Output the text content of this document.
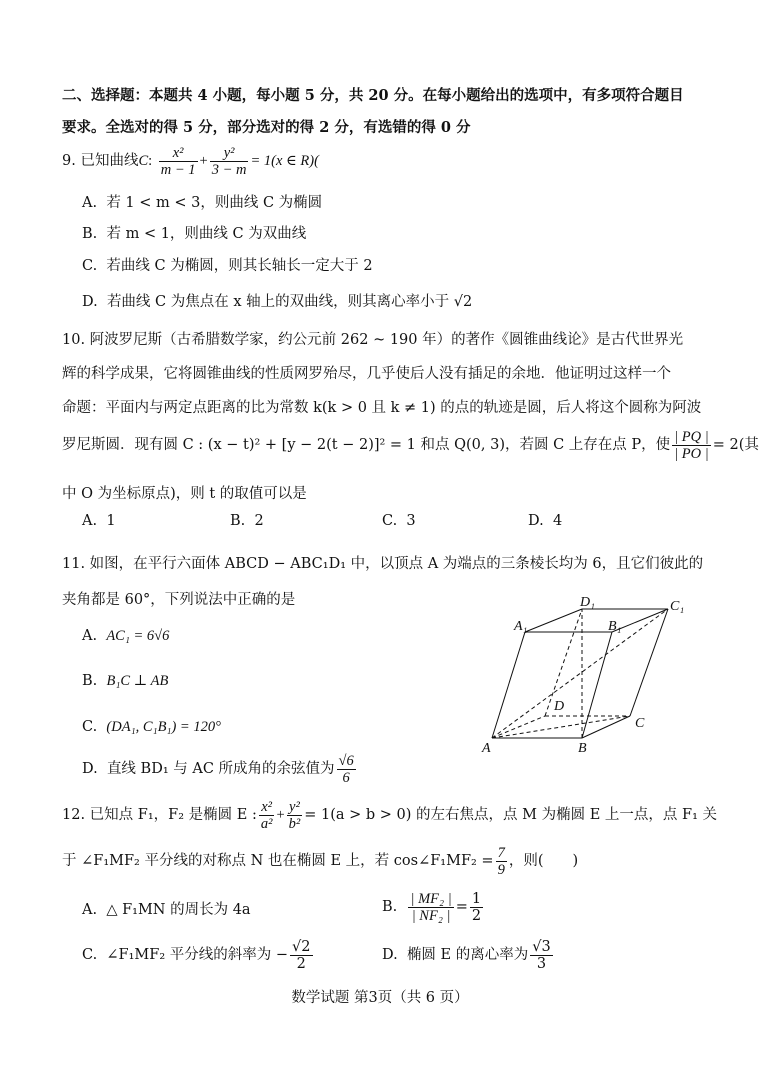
二、选择题：本题共 4 小题，每小题 5 分，共 20 分。在每小题给出的选项中，有多项符合题目
要求。全选对的得 5 分，部分选对的得 2 分，有选错的得 0 分
9. 已知曲线C: $\frac{\text{x²}}{m - 1} + \frac{\text{y²}}{3 - m} = 1(x$ ∈ R)(
A. 若 1 < m < 3，则曲线 C 为椭圆
B. 若 m < 1，则曲线 C 为双曲线
C. 若曲线 C 为椭圆，则其长轴长一定大于 2
D. 若曲线 C 为焦点在 x 轴上的双曲线，则其离心率小于 √2
10. 阿波罗尼斯（古希腊数学家，约公元前 262 ~ 190 年）的著作《圆锥曲线论》是古代世界光
辉的科学成果，它将圆锥曲线的性质网罗殆尽，几乎使后人没有插足的余地．他证明过这样一个
命题：平面内与两定点距离的比为常数 k(k > 0 且 k ≠ 1) 的点的轨迹是圆，后人将这个圆称为阿波
罗尼斯圆．现有圆 C : (x − t)² + [y − 2(t − 2)]² = 1 和点 Q(0, 3)，若圆 C 上存在点 P，使 $\frac{| PQ |}{| PO |} = 2$(其
中 O 为坐标原点)，则 t 的取值可以是
A. 1	B. 2	C. 3	D. 4
11. 如图，在平行六面体 ABCD − ABC₁D₁ 中，以顶点 A 为端点的三条棱长均为 6，且它们彼此的
夹角都是 60°，下列说法中正确的是
A. AC₁ = 6√6
B. B₁C ⊥ AB
C. (DA₁, C₁B₁) = 120°
D. 直线 BD₁ 与 AC 所成角的余弦值为 $\frac{√6}{6}$
A	B
C
D
A₁	B₁
C₁
D₁
12. 已知点 F₁，F₂ 是椭圆 E : $\frac{\text{x²}}{\text{a²}} + \frac{\text{y²}}{\text{b²}} = 1(a > b > 0)$ 的左右焦点，点 M 为椭圆 E 上一点，点 F₁ 关
于 ∠F₁MF₂ 平分线的对称点 N 也在椭圆 E 上，若 cos∠F₁MF₂ = $\frac{7}{9}$ ，则(　　)
A. △ F₁MN 的周长为 4a	B. $\frac{\text{| MF₂ |}}{\text{| NF₂ |}} = \frac{1}{2}$
C. ∠F₁MF₂ 平分线的斜率为 − $\frac{√2}{2}$	D. 椭圆 E 的离心率为 $\frac{√3}{3}$
数学试题 第3页（共 6 页）
